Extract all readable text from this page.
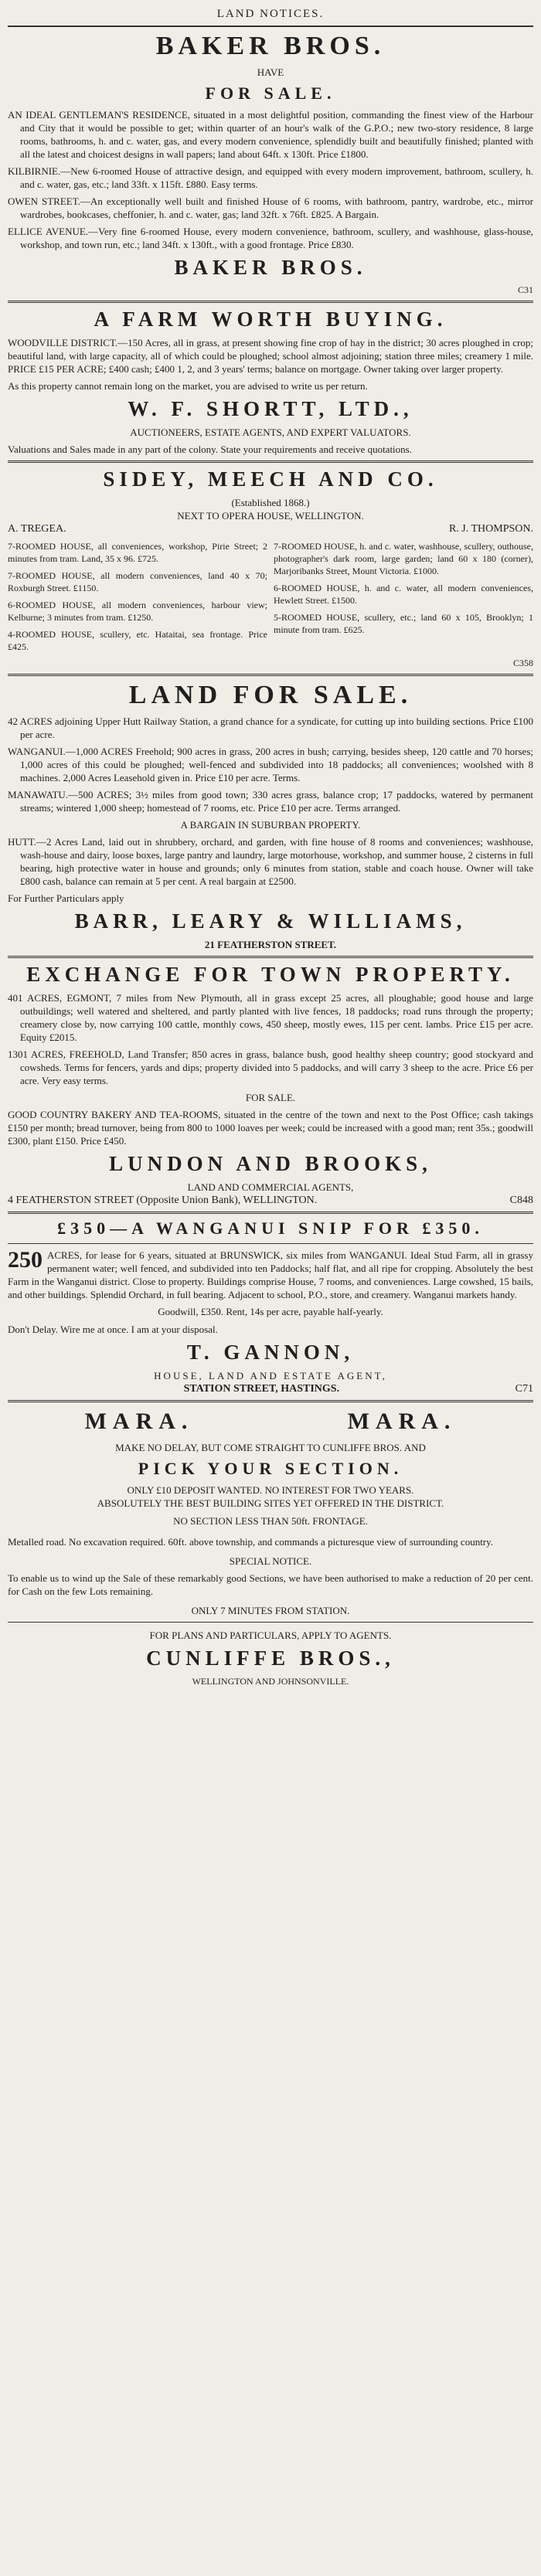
LAND NOTICES.
BAKER BROS.
HAVE
FOR SALE.

AN IDEAL GENTLEMAN'S RESIDENCE, situated in a most delightful position, commanding the finest view of the Harbour and City that it would be possible to get; within quarter of an hour's walk of the G.P.O.; new two-story residence, 8 large rooms, bathrooms, h. and c. water, gas, and every modern convenience, splendidly built and beautifully finished; planted with all the latest and choicest designs in wall papers; land about 64ft. x 130ft. Price £1800.

KILBIRNIE.—New 6-roomed House of attractive design, and equipped with every modern improvement, bathroom, scullery, h. and c. water, gas, etc.; land 33ft. x 115ft. £880. Easy terms.

OWEN STREET.—An exceptionally well built and finished House of 6 rooms, with bathroom, pantry, wardrobe, etc., mirror wardrobes, bookcases, cheffonier, h. and c. water, gas; land 32ft. x 76ft. £825. A Bargain.

ELLICE AVENUE.—Very fine 6-roomed House, every modern convenience, bathroom, scullery, and washhouse, glass-house, workshop, and town run, etc.; land 34ft. x 130ft., with a good frontage. Price £830.

BAKER BROS.
C31
A FARM WORTH BUYING.

WOODVILLE DISTRICT.—150 Acres, all in grass, at present showing fine crop of hay in the district; 30 acres ploughed in crop; beautiful land, with large capacity, all of which could be ploughed; school almost adjoining; station three miles; creamery 1 mile. PRICE £15 PER ACRE; £400 cash; £400 1, 2, and 3 years' terms; balance on mortgage. Owner taking over larger property.

As this property cannot remain long on the market, you are advised to write us per return.

W. F. SHORTT, LTD.,
AUCTIONEERS, ESTATE AGENTS, AND EXPERT VALUATORS.

Valuations and Sales made in any part of the colony. State your requirements and receive quotations.

SIDEY, MEECH AND CO.
(Established 1868.)
NEXT TO OPERA HOUSE, WELLINGTON.
A. TREGEA.	R. J. THOMPSON.

7-ROOMED HOUSE, all conveniences, workshop, Pirie Street; 2 minutes from tram. Land, 35 x 96. £725.

7-ROOMED HOUSE, all modern conveniences, land 40 x 70; Roxburgh Street. £1150.

6-ROOMED HOUSE, all modern conveniences, harbour view; Kelburne; 3 minutes from tram. £1250.

4-ROOMED HOUSE, scullery, etc. Hataitai, sea frontage. Price £425.

7-ROOMED HOUSE, h. and c. water, washhouse, scullery, outhouse, photographer's dark room, large garden; land 60 x 180 (corner), Marjoribanks Street, Mount Victoria. £1000.

6-ROOMED HOUSE, h. and c. water, all modern conveniences, Hewlett Street. £1500.

5-ROOMED HOUSE, scullery, etc.; land 60 x 105, Brooklyn; 1 minute from tram. £625.

C358
LAND FOR SALE.

42 ACRES adjoining Upper Hutt Railway Station, a grand chance for a syndicate, for cutting up into building sections. Price £100 per acre.

WANGANUI.—1,000 ACRES Freehold; 900 acres in grass, 200 acres in bush; carrying, besides sheep, 120 cattle and 70 horses; 1,000 acres of this could be ploughed; well-fenced and subdivided into 18 paddocks; all conveniences; woolshed with 8 machines. 2,000 Acres Leasehold given in. Price £10 per acre. Terms.

MANAWATU.—500 ACRES; 3½ miles from good town; 330 acres grass, balance crop; 17 paddocks, watered by permanent streams; wintered 1,000 sheep; homestead of 7 rooms, etc. Price £10 per acre. Terms arranged.

A BARGAIN IN SUBURBAN PROPERTY.

HUTT.—2 Acres Land, laid out in shrubbery, orchard, and garden, with fine house of 8 rooms and conveniences; washhouse, wash-house and dairy, loose boxes, large pantry and laundry, large motorhouse, workshop, and summer house, 2 cisterns in full bearing, high protective water in house and grounds; only 6 minutes from station, stable and coach house. Owner will take £800 cash, balance can remain at 5 per cent. A real bargain at £2500.

For Further Particulars apply
BARR, LEARY & WILLIAMS,
21 FEATHERSTON STREET.
EXCHANGE FOR TOWN PROPERTY.

401 ACRES, EGMONT, 7 miles from New Plymouth, all in grass except 25 acres, all ploughable; good house and large outbuildings; well watered and sheltered, and partly planted with live fences, 18 paddocks; road runs through the property; creamery close by, now carrying 100 cattle, monthly cows, 450 sheep, mostly ewes, 115 per cent. lambs. Price £15 per acre. Equity £2015.

1301 ACRES, FREEHOLD, Land Transfer; 850 acres in grass, balance bush, good healthy sheep country; good stockyard and cowsheds. Terms for fencers, yards and dips; property divided into 5 paddocks, and will carry 3 sheep to the acre. Price £6 per acre. Very easy terms.

FOR SALE.

GOOD COUNTRY BAKERY AND TEA-ROOMS, situated in the centre of the town and next to the Post Office; cash takings £150 per month; bread turnover, being from 800 to 1000 loaves per week; could be increased with a good man; rent 35s.; goodwill £300, plant £150. Price £450.

LUNDON AND BROOKS,
LAND AND COMMERCIAL AGENTS,
4 FEATHERSTON STREET (Opposite Union Bank), WELLINGTON.	C848
£350—A WANGANUI SNIP FOR £350.

250 ACRES, for lease for 6 years, situated at BRUNSWICK, six miles from WANGANUI. Ideal Stud Farm, all in grassy permanent water; well fenced, and subdivided into ten Paddocks; half flat, and all ripe for cropping. Absolutely the best Farm in the Wanganui district. Close to property. Buildings comprise House, 7 rooms, and conveniences. Large cowshed, 15 bails, and other buildings. Splendid Orchard, in full bearing. Adjacent to school, P.O., store, and creamery. Wanganui markets handy.

Goodwill, £350. Rent, 14s per acre, payable half-yearly.
Don't Delay. Wire me at once. I am at your disposal.
T. GANNON,
HOUSE, LAND AND ESTATE AGENT,
STATION STREET, HASTINGS.	C71
MARA.	MARA.
MAKE NO DELAY, BUT COME STRAIGHT TO CUNLIFFE BROS. AND
PICK YOUR SECTION.
ONLY £10 DEPOSIT WANTED. NO INTEREST FOR TWO YEARS.
ABSOLUTELY THE BEST BUILDING SITES YET OFFERED IN THE DISTRICT.
NO SECTION LESS THAN 50ft. FRONTAGE.

Metalled road. No excavation required. 60ft. above township, and commands a picturesque view of surrounding country.

SPECIAL NOTICE.

To enable us to wind up the Sale of these remarkably good Sections, we have been authorised to make a reduction of 20 per cent. for Cash on the few Lots remaining.

ONLY 7 MINUTES FROM STATION.
FOR PLANS AND PARTICULARS, APPLY TO AGENTS.
CUNLIFFE BROS.,
WELLINGTON AND JOHNSONVILLE.
